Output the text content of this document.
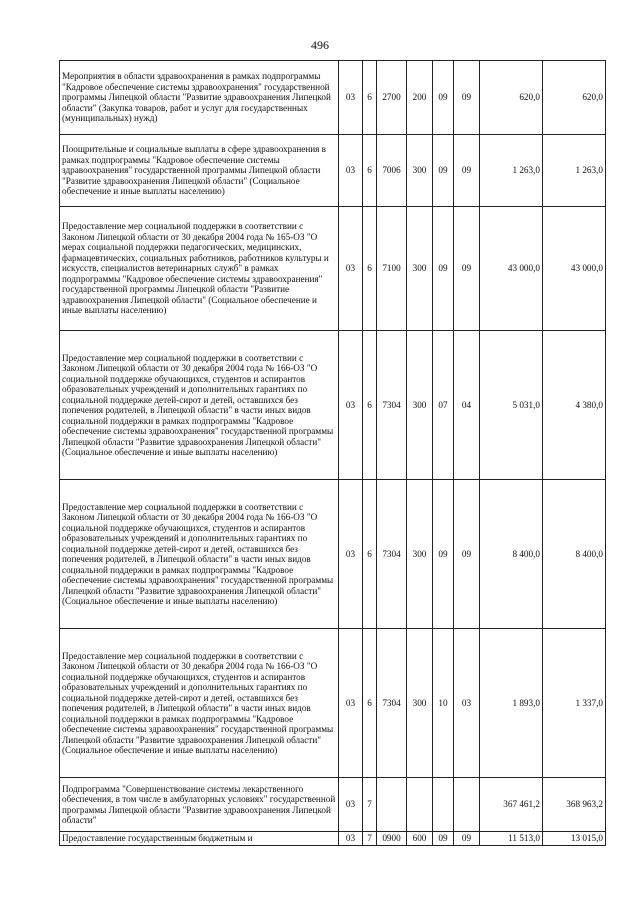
496
Мероприятия в области здравоохранения в рамках подпрограммы "Кадровое обеспечение системы здравоохранения" государственной программы Липецкой области "Развитие здравоохранения Липецкой области" (Закупка товаров, работ и услуг для государственных (муниципальных) нужд)	03	6	2700	200	09	09	620,0	620,0
Поощрительные и социальные выплаты в сфере здравоохранения в рамках подпрограммы "Кадровое обеспечение системы здравоохранения" государственной программы Липецкой области "Развитие здравоохранения Липецкой области" (Социальное обеспечение и иные выплаты населению)	03	6	7006	300	09	09	1 263,0	1 263,0
Предоставление мер социальной поддержки в соответствии с Законом Липецкой области от 30 декабря 2004 года № 165-ОЗ "О мерах социальной поддержки педагогических, медицинских, фармацевтических, социальных работников, работников культуры и искусств, специалистов ветеринарных служб" в рамках подпрограммы "Кадровое обеспечение системы здравоохранения" государственной программы Липецкой области "Развитие здравоохранения Липецкой области" (Социальное обеспечение и иные выплаты населению)	03	6	7100	300	09	09	43 000,0	43 000,0
Предоставление мер социальной поддержки в соответствии с Законом Липецкой области от 30 декабря 2004 года № 166-ОЗ "О социальной поддержке обучающихся, студентов и аспирантов образовательных учреждений и дополнительных гарантиях по социальной поддержке детей-сирот и детей, оставшихся без попечения родителей, в Липецкой области" в части иных видов социальной поддержки в рамках подпрограммы "Кадровое обеспечение системы здравоохранения" государственной программы Липецкой области "Развитие здравоохранения Липецкой области" (Социальное обеспечение и иные выплаты населению)	03	6	7304	300	07	04	5 031,0	4 380,0
Предоставление мер социальной поддержки в соответствии с Законом Липецкой области от 30 декабря 2004 года № 166-ОЗ "О социальной поддержке обучающихся, студентов и аспирантов образовательных учреждений и дополнительных гарантиях по социальной поддержке детей-сирот и детей, оставшихся без попечения родителей, в Липецкой области" в части иных видов социальной поддержки в рамках подпрограммы "Кадровое обеспечение системы здравоохранения" государственной программы Липецкой области "Развитие здравоохранения Липецкой области" (Социальное обеспечение и иные выплаты населению)	03	6	7304	300	09	09	8 400,0	8 400,0
Предоставление мер социальной поддержки в соответствии с Законом Липецкой области от 30 декабря 2004 года № 166-ОЗ "О социальной поддержке обучающихся, студентов и аспирантов образовательных учреждений и дополнительных гарантиях по социальной поддержке детей-сирот и детей, оставшихся без попечения родителей, в Липецкой области" в части иных видов социальной поддержки в рамках подпрограммы "Кадровое обеспечение системы здравоохранения" государственной программы Липецкой области "Развитие здравоохранения Липецкой области" (Социальное обеспечение и иные выплаты населению)	03	6	7304	300	10	03	1 893,0	1 337,0
Подпрограмма "Совершенствование системы лекарственного обеспечения, в том числе в амбулаторных условиях" государственной программы Липецкой области "Развитие здравоохранения Липецкой области"	03	7					367 461,2	368 963,2
Предоставление государственным бюджетным и	03	7	0900	600	09	09	11 513,0	13 015,0
